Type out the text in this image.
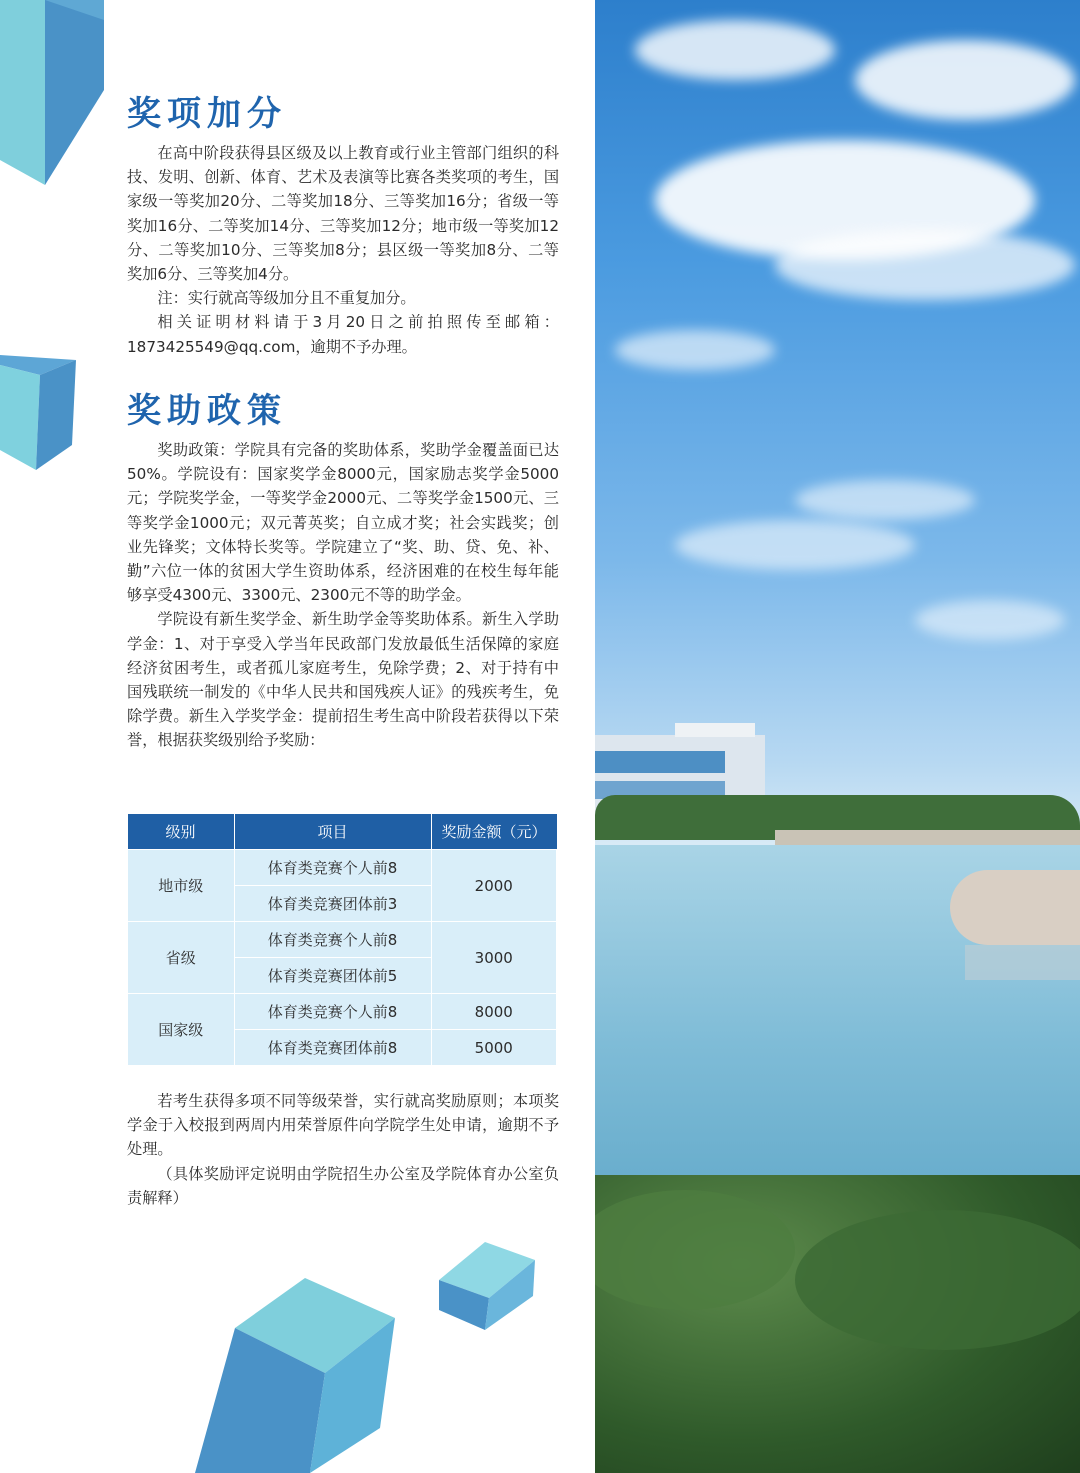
奖项加分

在高中阶段获得县区级及以上教育或行业主管部门组织的科技、发明、创新、体育、艺术及表演等比赛各类奖项的考生，国家级一等奖加20分、二等奖加18分、三等奖加16分；省级一等奖加16分、二等奖加14分、三等奖加12分；地市级一等奖加12分、二等奖加10分、三等奖加8分；县区级一等奖加8分、二等奖加6分、三等奖加4分。

注：实行就高等级加分且不重复加分。

相关证明材料请于3月20日之前拍照传至邮箱：1873425549@qq.com，逾期不予办理。

奖助政策

奖助政策：学院具有完备的奖助体系，奖助学金覆盖面已达50%。学院设有：国家奖学金8000元，国家励志奖学金5000元；学院奖学金，一等奖学金2000元、二等奖学金1500元、三等奖学金1000元；双元菁英奖；自立成才奖；社会实践奖；创业先锋奖；文体特长奖等。学院建立了“奖、助、贷、免、补、勤”六位一体的贫困大学生资助体系，经济困难的在校生每年能够享受4300元、3300元、2300元不等的助学金。

学院设有新生奖学金、新生助学金等奖助体系。新生入学助学金：1、对于享受入学当年民政部门发放最低生活保障的家庭经济贫困考生，或者孤儿家庭考生，免除学费；2、对于持有中国残联统一制发的《中华人民共和国残疾人证》的残疾考生，免除学费。新生入学奖学金：提前招生考生高中阶段若获得以下荣誉，根据获奖级别给予奖励：

级别	项目	奖励金额（元）
地市级	体育类竞赛个人前8	2000
	体育类竞赛团体前3	
省级	体育类竞赛个人前8	3000
	体育类竞赛团体前5	
国家级	体育类竞赛个人前8	8000
	体育类竞赛团体前8	5000

若考生获得多项不同等级荣誉，实行就高奖励原则；本项奖学金于入校报到两周内用荣誉原件向学院学生处申请，逾期不予处理。

（具体奖励评定说明由学院招生办公室及学院体育办公室负责解释）
